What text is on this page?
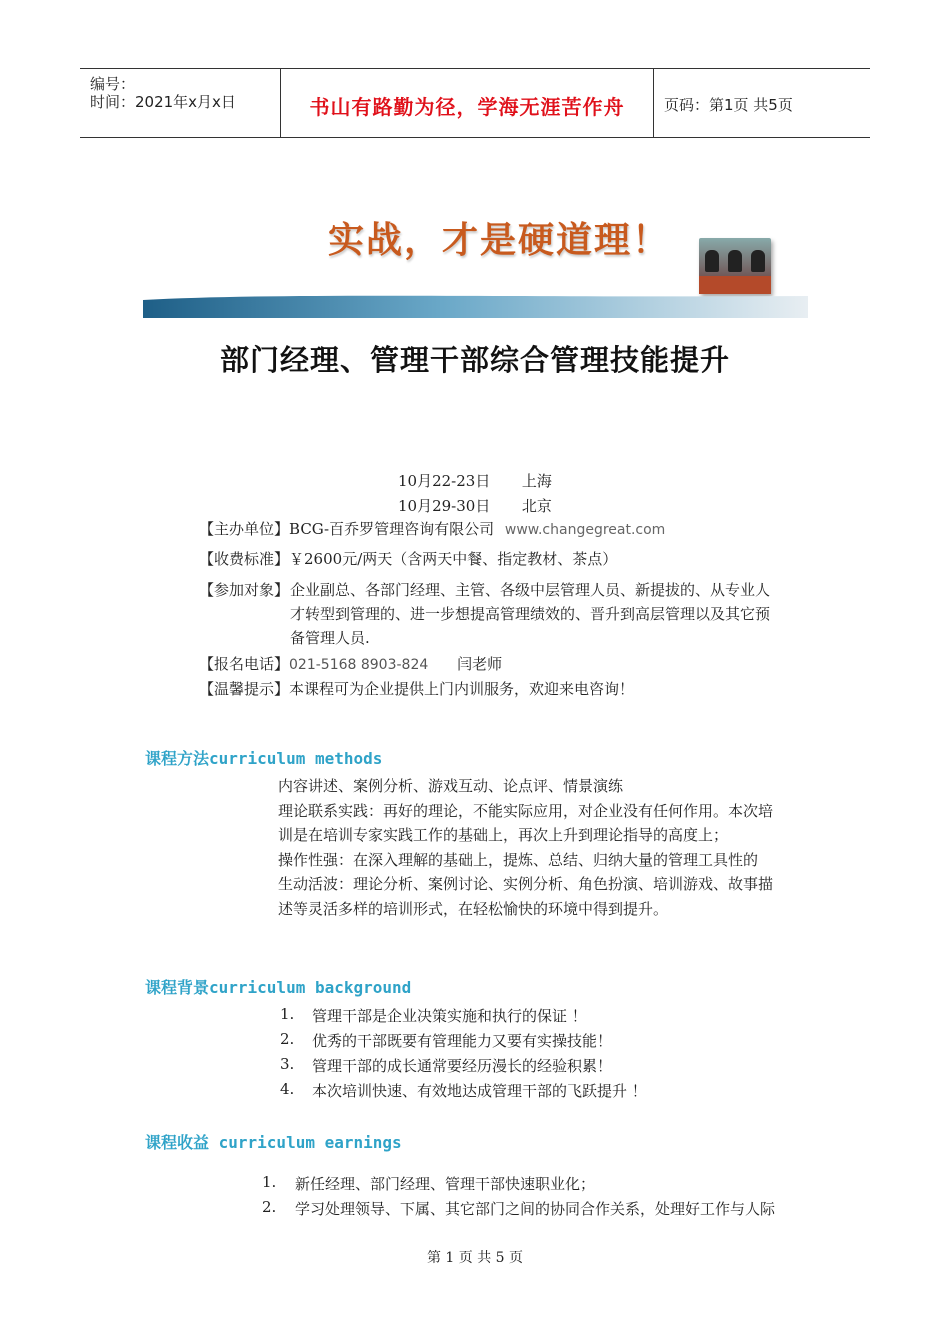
编号：
时间：2021年x月x日	书山有路勤为径，学海无涯苦作舟	页码：第1页 共5页
实战，才是硬道理！
部门经理、管理干部综合管理技能提升
10月22-23日 上海
10月29-30日 北京
【主办单位】BCG-百乔罗管理咨询有限公司 www.changegreat.com
【收费标准】￥2600元/两天（含两天中餐、指定教材、茶点）
【参加对象】 企业副总、各部门经理、主管、各级中层管理人员、新提拔的、从专业人
才转型到管理的、进一步想提高管理绩效的、晋升到高层管理以及其它预
备管理人员.
【报名电话】021-5168 8903-824 闫老师
【温馨提示】本课程可为企业提供上门内训服务，欢迎来电咨询！
课程方法curriculum methods
内容讲述、案例分析、游戏互动、论点评、情景演练
理论联系实践：再好的理论，不能实际应用，对企业没有任何作用。本次培
训是在培训专家实践工作的基础上，再次上升到理论指导的高度上；
操作性强：在深入理解的基础上，提炼、总结、归纳大量的管理工具性的
生动活波：理论分析、案例讨论、实例分析、角色扮演、培训游戏、故事描
述等灵活多样的培训形式，在轻松愉快的环境中得到提升。
课程背景curriculum background
1. 管理干部是企业决策实施和执行的保证 ！
2. 优秀的干部既要有管理能力又要有实操技能！
3. 管理干部的成长通常要经历漫长的经验积累！
4. 本次培训快速、有效地达成管理干部的飞跃提升 ！
课程收益 curriculum earnings
1. 新任经理、部门经理、管理干部快速职业化；
2. 学习处理领导、下属、其它部门之间的协同合作关系，处理好工作与人际
第 1 页 共 5 页
